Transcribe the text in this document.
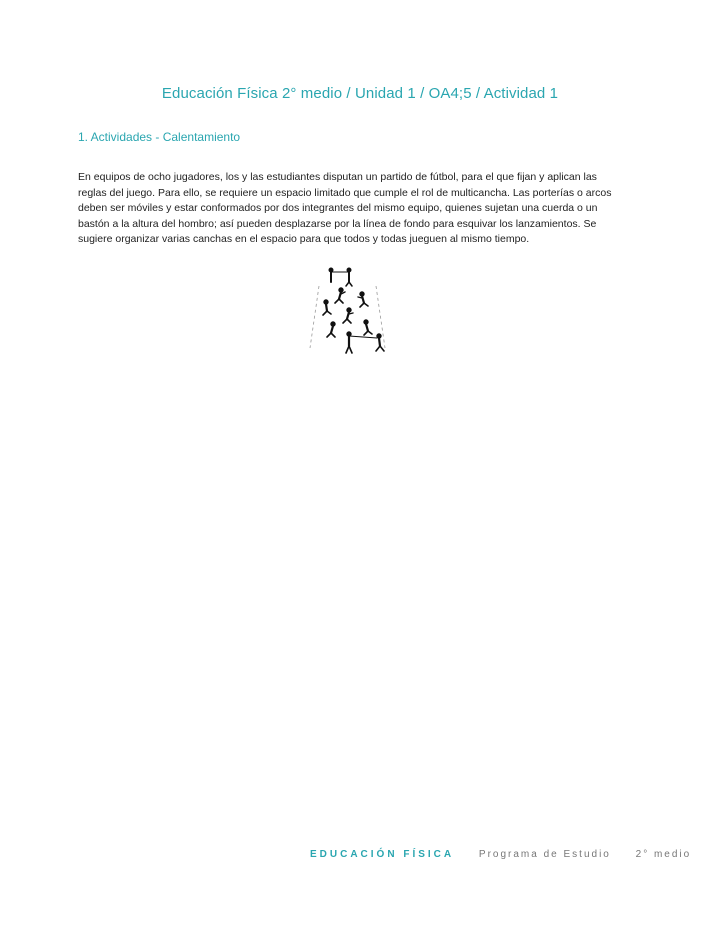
Educación Física 2° medio / Unidad 1 / OA4;5 / Actividad 1
1. Actividades - Calentamiento

En equipos de ocho jugadores, los y las estudiantes disputan un partido de fútbol, para el que fijan y aplican las reglas del juego. Para ello, se requiere un espacio limitado que cumple el rol de multicancha. Las porterías o arcos deben ser móviles y estar conformados por dos integrantes del mismo equipo, quienes sujetan una cuerda o un bastón a la altura del hombro; así pueden desplazarse por la línea de fondo para esquivar los lanzamientos. Se sugiere organizar varias canchas en el espacio para que todos y todas jueguen al mismo tiempo.

EDUCACIÓN FÍSICA Programa de Estudio 2° medio
